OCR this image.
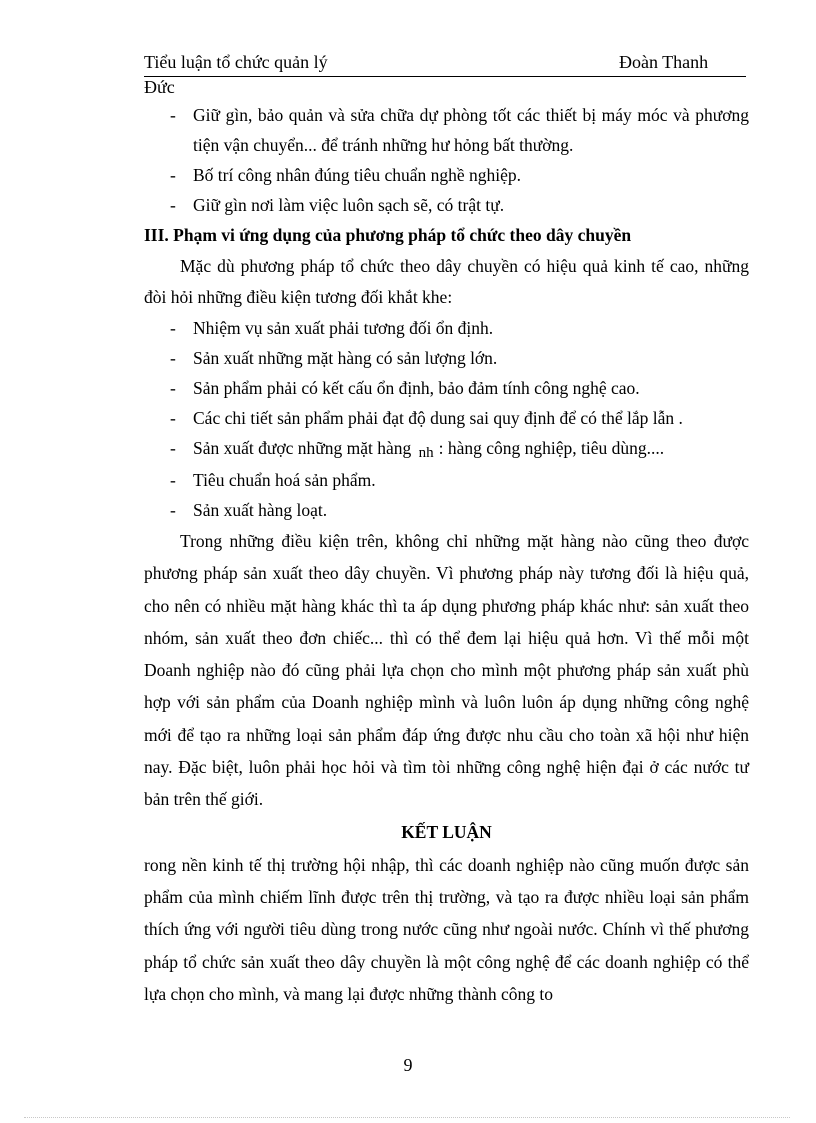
Tiểu luận tổ chức quản lý	Đoàn Thanh
Đức
- Giữ gìn, bảo quản và sửa chữa dự phòng tốt các thiết bị máy móc và phương tiện vận chuyển... để tránh những hư hỏng bất thường.
- Bố trí công nhân đúng tiêu chuẩn nghề nghiệp.
- Giữ gìn nơi làm việc luôn sạch sẽ, có trật tự.

III. Phạm vi ứng dụng của phương pháp tổ chức theo dây chuyền

Mặc dù phương pháp tổ chức theo dây chuyền có hiệu quả kinh tế cao, những đòi hỏi những điều kiện tương đối khắt khe:

- Nhiệm vụ sản xuất phải tương đối ổn định.
- Sản xuất những mặt hàng có sản lượng lớn.
- Sản phẩm phải có kết cấu ổn định, bảo đảm tính công nghệ cao.
- Các chi tiết sản phẩm phải đạt độ dung sai quy định để có thể lắp lẫn .
- Sản xuất được những mặt hàng nh : hàng công nghiệp, tiêu dùng....
- Tiêu chuẩn hoá sản phẩm.
- Sản xuất hàng loạt.

Trong những điều kiện trên, không chỉ những mặt hàng nào cũng theo được phương pháp sản xuất theo dây chuyền. Vì phương pháp này tương đối là hiệu quả, cho nên có nhiều mặt hàng khác thì ta áp dụng phương pháp khác như: sản xuất theo nhóm, sản xuất theo đơn chiếc... thì có thể đem lại hiệu quả hơn. Vì thế mỗi một Doanh nghiệp nào đó cũng phải lựa chọn cho mình một phương pháp sản xuất phù hợp với sản phẩm của Doanh nghiệp mình và luôn luôn áp dụng những công nghệ mới để tạo ra những loại sản phẩm đáp ứng được nhu cầu cho toàn xã hội như hiện nay. Đặc biệt, luôn phải học hỏi và tìm tòi những công nghệ hiện đại ở các nước tư bản trên thế giới.

KẾT LUẬN

rong nền kinh tế thị trường hội nhập, thì các doanh nghiệp nào cũng muốn được sản phẩm của mình chiếm lĩnh được trên thị trường, và tạo ra được nhiều loại sản phẩm thích ứng với người tiêu dùng trong nước cũng như ngoài nước. Chính vì thế phương pháp tổ chức sản xuất theo dây chuyền là một công nghệ để các doanh nghiệp có thể lựa chọn cho mình, và mang lại được những thành công to

9
